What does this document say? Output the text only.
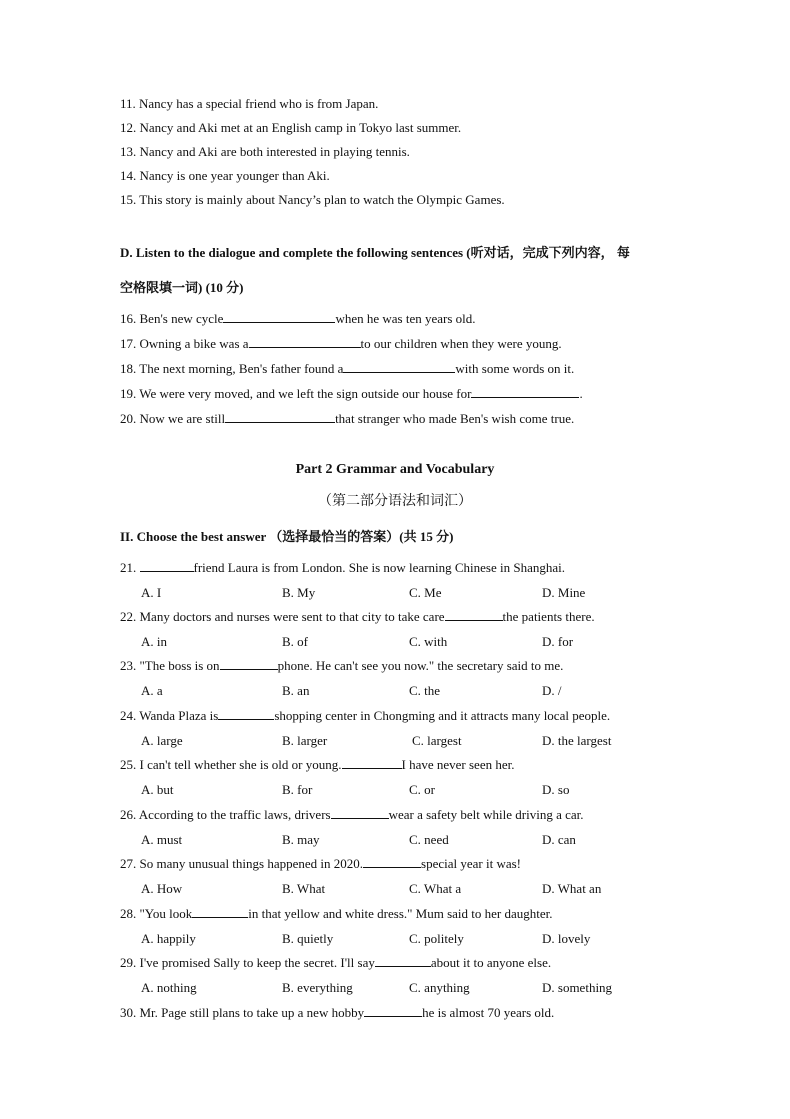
11. Nancy has a special friend who is from Japan.
12. Nancy and Aki met at an English camp in Tokyo last summer.
13. Nancy and Aki are both interested in playing tennis.
14. Nancy is one year younger than Aki.
15. This story is mainly about Nancy’s plan to watch the Olympic Games.
D. Listen to the dialogue and complete the following sentences (听对话，完成下列内容， 每
空格限填一词) (10 分)
16. Ben's new cycle	when he was ten years old.
17. Owning a bike was a	to our children when they were young.
18. The next morning, Ben's father found a	with some words on it.
19. We were very moved, and we left the sign outside our house for	.
20. Now we are still	that stranger who made Ben's wish come true.
Part 2 Grammar and Vocabulary
（第二部分语法和词汇）
II. Choose the best answer （选择最恰当的答案）(共 15 分)
21.	friend Laura is from London. She is now learning Chinese in Shanghai.
A. I	B. My	C. Me	D. Mine
22. Many doctors and nurses were sent to that city to take care	the patients there.
A. in	B. of	C. with	D. for
23. "The boss is on	phone. He can't see you now." the secretary said to me.
A. a	B. an	C. the	D. /
24. Wanda Plaza is	shopping center in Chongming and it attracts many local people.
A. large	B. larger	C. largest	D. the largest
25. I can't tell whether she is old or young.	I have never seen her.
A. but	B. for	C. or	D. so
26. According to the traffic laws, drivers	wear a safety belt while driving a car.
A. must	B. may	C. need	D. can
27. So many unusual things happened in 2020.	special year it was!
A. How	B. What	C. What a	D. What an
28. "You look	in that yellow and white dress." Mum said to her daughter.
A. happily	B. quietly	C. politely	D. lovely
29. I've promised Sally to keep the secret. I'll say	about it to anyone else.
A. nothing	B. everything	C. anything	D. something
30. Mr. Page still plans to take up a new hobby	he is almost 70 years old.
